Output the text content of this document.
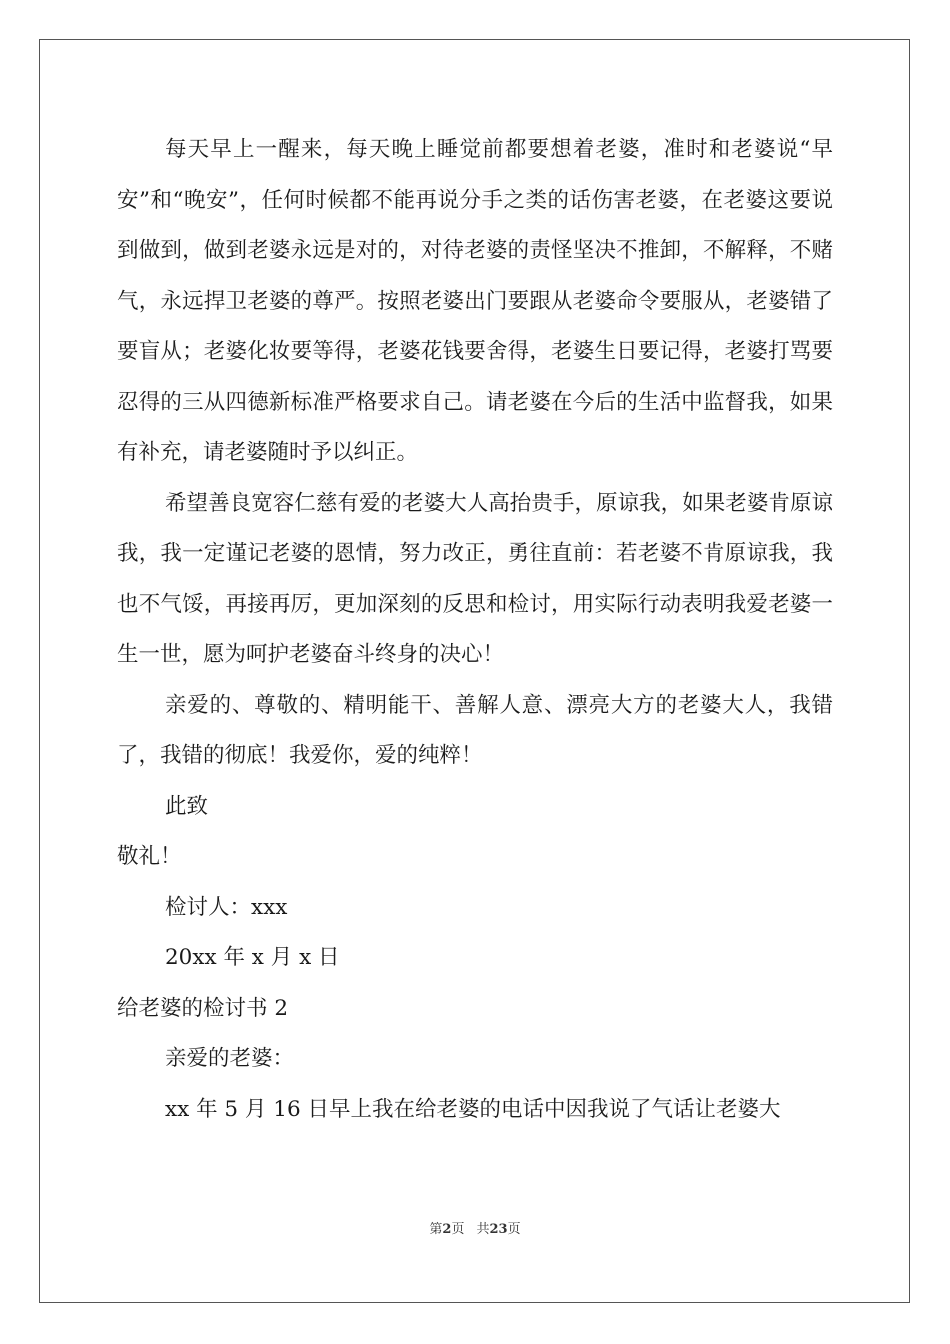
每天早上一醒来，每天晚上睡觉前都要想着老婆，准时和老婆说“早安”和“晚安”，任何时候都不能再说分手之类的话伤害老婆，在老婆这要说到做到，做到老婆永远是对的，对待老婆的责怪坚决不推卸，不解释，不赌气，永远捍卫老婆的尊严。按照老婆出门要跟从老婆命令要服从，老婆错了要盲从；老婆化妆要等得，老婆花钱要舍得，老婆生日要记得，老婆打骂要忍得的三从四德新标准严格要求自己。请老婆在今后的生活中监督我，如果有补充，请老婆随时予以纠正。

希望善良宽容仁慈有爱的老婆大人高抬贵手，原谅我，如果老婆肯原谅我，我一定谨记老婆的恩情，努力改正，勇往直前：若老婆不肯原谅我，我也不气馁，再接再厉，更加深刻的反思和检讨，用实际行动表明我爱老婆一生一世，愿为呵护老婆奋斗终身的决心！

亲爱的、尊敬的、精明能干、善解人意、漂亮大方的老婆大人，我错了，我错的彻底！我爱你，爱的纯粹！

此致

敬礼！

检讨人：xxx

20xx 年 x 月 x 日

给老婆的检讨书 2

亲爱的老婆：

xx 年 5 月 16 日早上我在给老婆的电话中因我说了气话让老婆大

第2页 共23页
